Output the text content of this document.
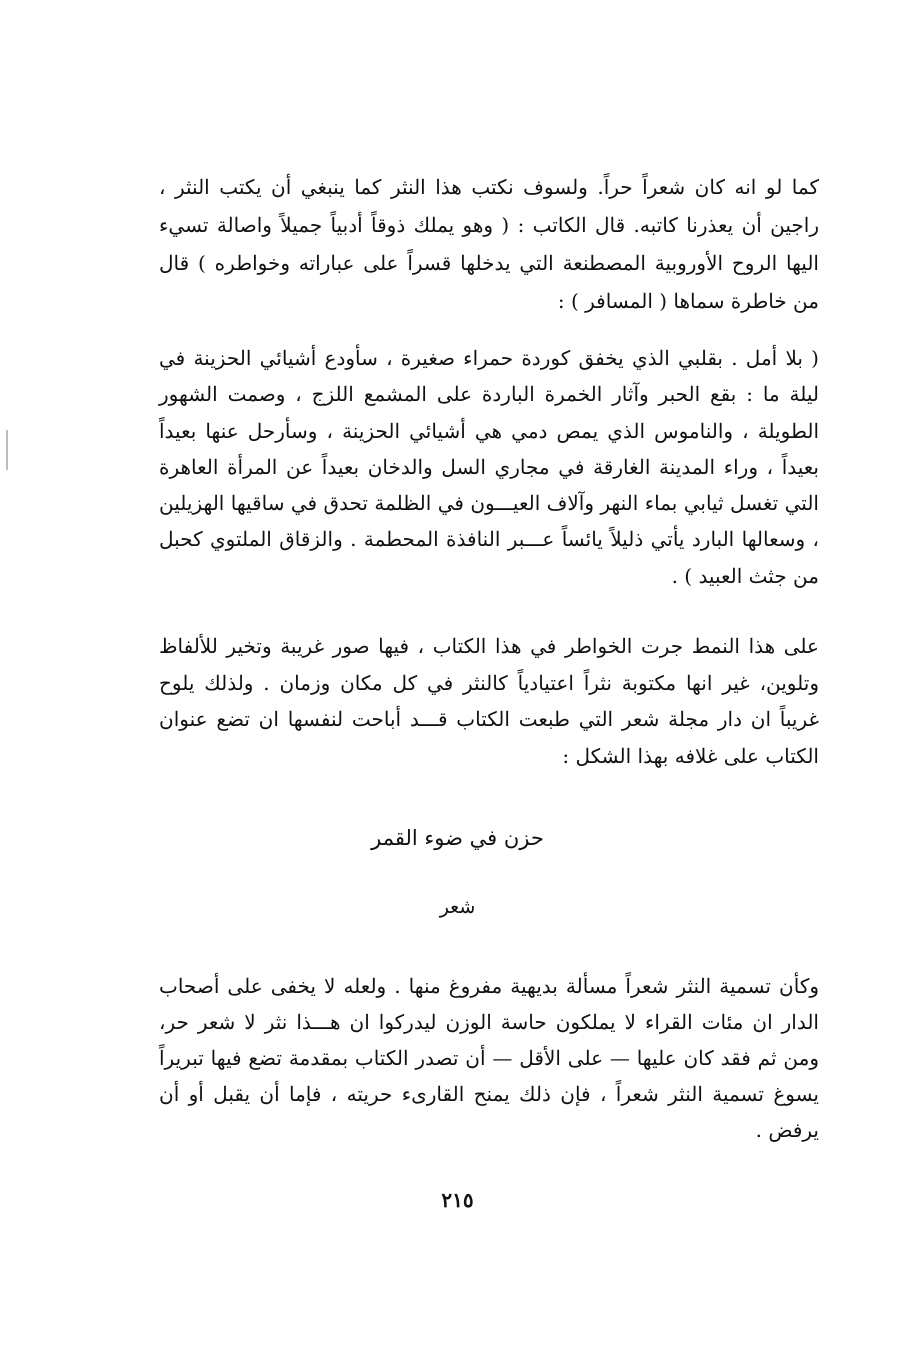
كما لو انه كان شعراً حراً. ولسوف نكتب هذا النثر كما ينبغي أن يكتب النثر ، راجين أن يعذرنا كاتبه. قال الكاتب : ( وهو يملك ذوقاً أدبياً جميلاً واصالة تسيء اليها الروح الأوروبية المصطنعة التي يدخلها قسراً على عباراته وخواطره ) قال من خاطرة سماها ( المسافر ) :

( بلا أمل . بقلبي الذي يخفق كوردة حمراء صغيرة ، سأودع أشيائي الحزينة في ليلة ما : بقع الحبر وآثار الخمرة الباردة على المشمع اللزج ، وصمت الشهور الطويلة ، والناموس الذي يمص دمي هي أشيائي الحزينة ، وسأرحل عنها بعيداً بعيداً ، وراء المدينة الغارقة في مجاري السل والدخان بعيداً عن المرأة العاهرة التي تغسل ثيابي بماء النهر وآلاف العيـــون في الظلمة تحدق في ساقيها الهزيلين ، وسعالها البارد يأتي ذليلاً يائساً عـــبر النافذة المحطمة . والزقاق الملتوي كحبل من جثث العبيد ) .

على هذا النمط جرت الخواطر في هذا الكتاب ، فيها صور غريبة وتخير للألفاظ وتلوين، غير انها مكتوبة نثراً اعتيادياً كالنثر في كل مكان وزمان . ولذلك يلوح غريباً ان دار مجلة شعر التي طبعت الكتاب قـــد أباحت لنفسها ان تضع عنوان الكتاب على غلافه بهذا الشكل :

حزن في ضوء القمر
شعر

وكأن تسمية النثر شعراً مسألة بديهية مفروغ منها . ولعله لا يخفى على أصحاب الدار ان مئات القراء لا يملكون حاسة الوزن ليدركوا ان هـــذا نثر لا شعر حر، ومن ثم فقد كان عليها — على الأقل — أن تصدر الكتاب بمقدمة تضع فيها تبريراً يسوغ تسمية النثر شعراً ، فإن ذلك يمنح القارىء حريته ، فإما أن يقبل أو أن يرفض .

٢١٥
